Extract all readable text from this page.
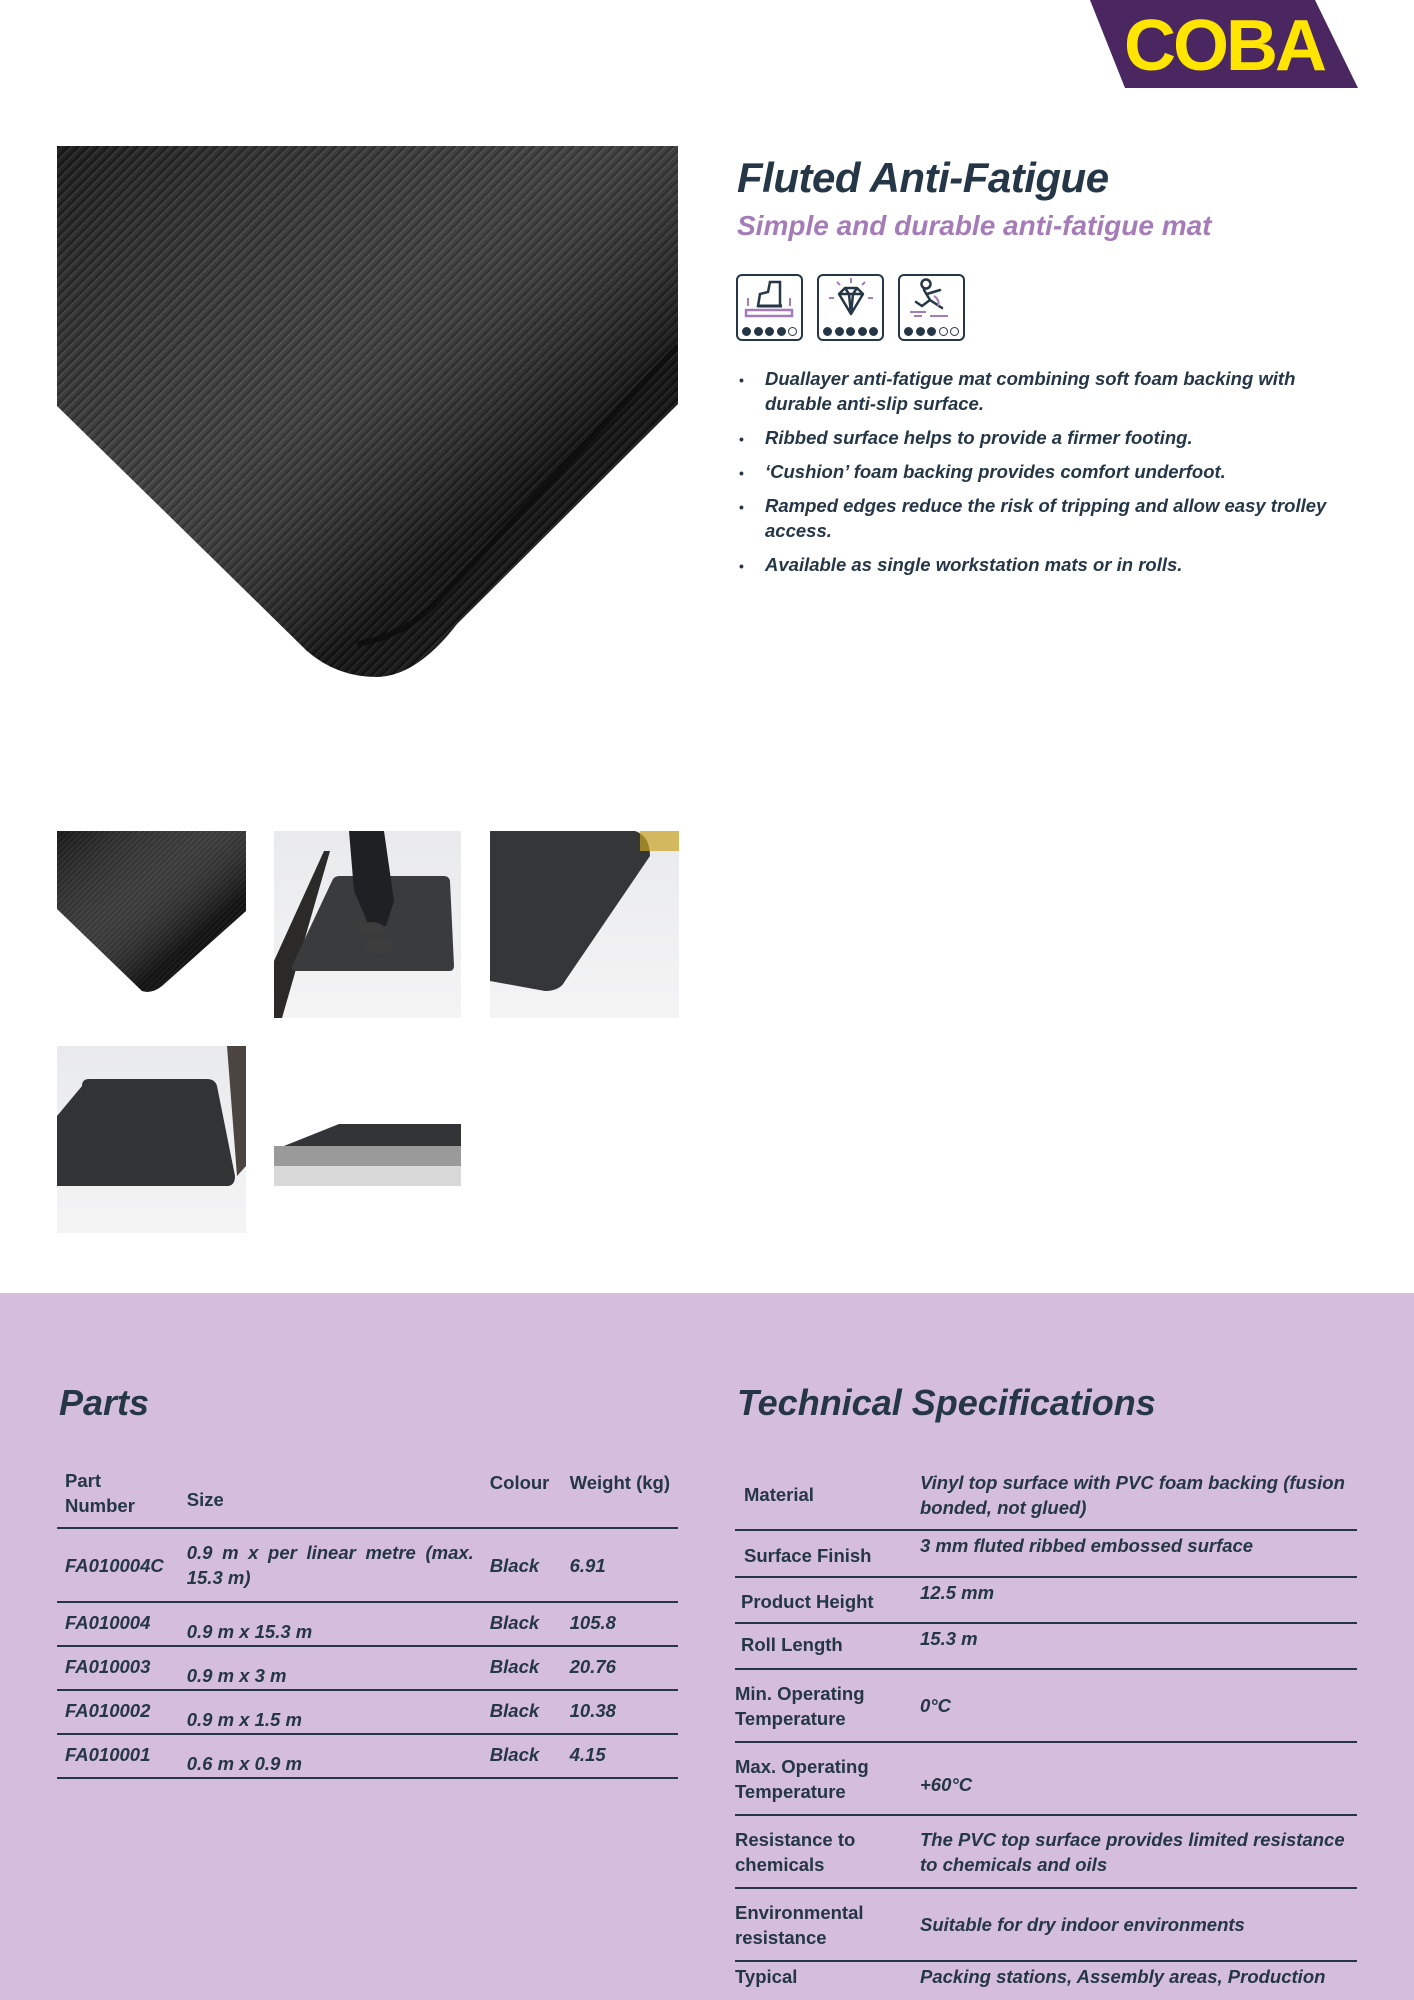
COBA
Fluted Anti-Fatigue
Simple and durable anti-fatigue mat
• Duallayer anti-fatigue mat combining soft foam backing with durable anti-slip surface.
• Ribbed surface helps to provide a firmer footing.
• ‘Cushion’ foam backing provides comfort underfoot.
• Ramped edges reduce the risk of tripping and allow easy trolley access.
• Available as single workstation mats or in rolls.
Parts
Part Number	Size	Colour	Weight (kg)
FA010004C	0.9 m x per linear metre (max. 15.3 m)	Black	6.91
FA010004	0.9 m x 15.3 m	Black	105.8
FA010003	0.9 m x 3 m	Black	20.76
FA010002	0.9 m x 1.5 m	Black	10.38
FA010001	0.6 m x 0.9 m	Black	4.15
Technical Specifications
Material	Vinyl top surface with PVC foam backing (fusion bonded, not glued)
Surface Finish	3 mm fluted ribbed embossed surface
Product Height	12.5 mm
Roll Length	15.3 m
Min. Operating Temperature	0°C
Max. Operating Temperature	+60°C
Resistance to chemicals	The PVC top surface provides limited resistance to chemicals and oils
Environmental resistance	Suitable for dry indoor environments
Typical	Packing stations, Assembly areas, Production
